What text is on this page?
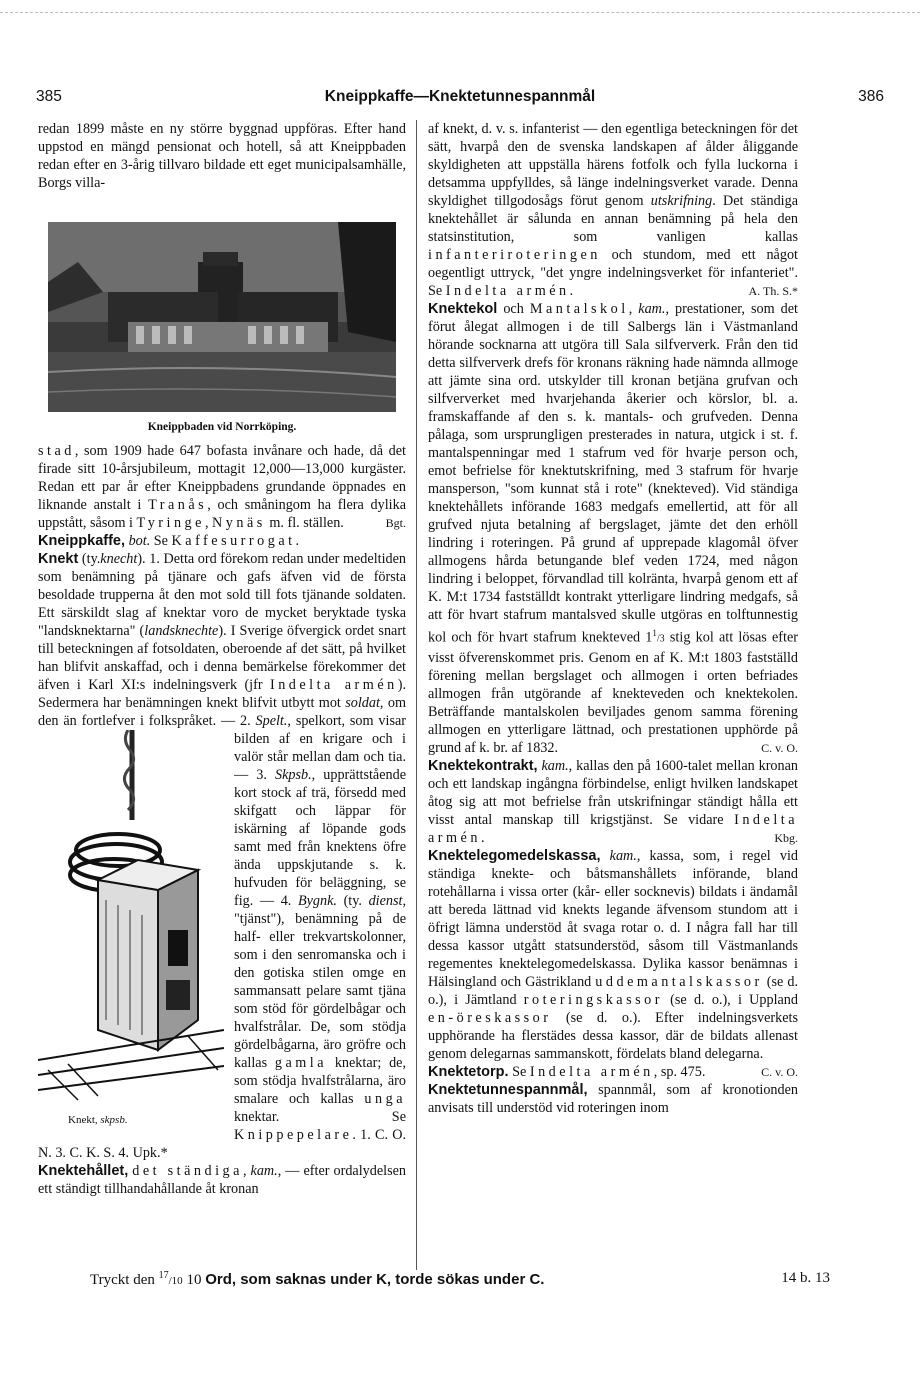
385	Kneippkaffe—Knektetunnespannmål	386

redan 1899 måste en ny större byggnad uppföras. Efter hand uppstod en mängd pensionat och hotell, så att Kneippbaden redan efter en 3-årig tillvaro bildade ett eget municipalsamhälle, Borgs villa-

Kneippbaden vid Norrköping.

stad, som 1909 hade 647 bofasta invånare och hade, då det firade sitt 10-årsjubileum, mottagit 12,000—13,000 kurgäster. Redan ett par år efter Kneippbadens grundande öppnades en liknande anstalt i Tranås, och småningom ha flera dylika uppstått, såsom i Tyringe, Nynäs m. fl. ställen.	Bgt.

Kneippkaffe, bot. Se Kaffesurrogat.

Knekt (ty.knecht). 1. Detta ord förekom redan under medeltiden som benämning på tjänare och gafs äfven vid de första besoldade trupperna åt den mot sold till fots tjänande soldaten. Ett särskildt slag af knektar voro de mycket beryktade tyska "landsknektarna" (landsknechte). I Sverige öfvergick ordet snart till beteckningen af fotsoldaten, oberoende af det sätt, på hvilket han blifvit anskaffad, och i denna bemärkelse förekommer det äfven i Karl XI:s indelningsverk (jfr Indelta armén). Sedermera har benämningen knekt blifvit utbytt mot soldat, om den än fortlefver i folkspråket. — 2.
Knekt, skpsb.
Spelt., spelkort, som visar bilden af en krigare och i valör står mellan dam och tia. — 3. Skpsb., upprättstående kort stock af trä, försedd med skifgatt och läppar för iskärning af löpande gods samt med från knektens öfre ända uppskjutande s. k. hufvuden för beläggning, se fig. — 4. Bygnk. (ty. dienst, "tjänst"), benämning på de half- eller trekvartskolonner, som i den senromanska och i den gotiska stilen omge en sammansatt pelare samt tjäna som stöd för gördelbågar och hvalfstrålar. De, som stödja gördelbågarna, äro gröfre och kallas gamla knektar; de, som stödja hvalfstrålarna, äro smalare och kallas unga knektar. Se Knippepelare. 1. C. O. N. 3. C. K. S. 4. Upk.*

Knektehållet, det ständiga, kam., — efter ordalydelsen ett ständigt tillhandahållande åt kronan

af knekt, d. v. s. infanterist — den egentliga beteckningen för det sätt, hvarpå den de svenska landskapen af ålder åliggande skyldigheten att uppställa härens fotfolk och fylla luckorna i detsamma uppfylldes, så länge indelningsverket varade. Denna skyldighet tillgodosågs förut genom utskrifning. Det ständiga knektehållet är sålunda en annan benämning på hela den statsinstitution, som vanligen kallas infanteriroteringen och stundom, med ett något oegentligt uttryck, "det yngre indelningsverket för infanteriet". Se Indelta armén.	A. Th. S.*

Knektekol och Mantalskol, kam., prestationer, som det förut ålegat allmogen i de till Salbergs län i Västmanland hörande socknarna att utgöra till Sala silfververk. Från den tid detta silfververk drefs för kronans räkning hade nämnda allmoge att jämte sina ord. utskylder till kronan betjäna grufvan och silfververket med hvarjehanda åkerier och körslor, bl. a. framskaffande af den s. k. mantals- och grufveden. Denna pålaga, som ursprungligen presterades in natura, utgick i st. f. mantalspenningar med 1 stafrum ved för hvarje person och, emot befrielse för knektutskrifning, med 3 stafrum för hvarje mansperson, "som kunnat stå i rote" (knekteved). Vid ständiga knektehållets införande 1683 medgafs emellertid, att för all grufved njuta betalning af bergslaget, jämte det den erhöll lindring i roteringen. På grund af upprepade klagomål öfver allmogens hårda betungande blef veden 1724, med någon lindring i beloppet, förvandlad till kolränta, hvarpå genom ett af K. M:t 1734 fastställdt kontrakt ytterligare lindring medgafs, så att för hvart stafrum mantalsved skulle utgöras en tolftunnestig kol och för hvart stafrum knekteved $1^1/3$ stig kol att lösas efter visst öfverenskommet pris. Genom en af K. M:t 1803 fastställd förening mellan bergslaget och allmogen i orten befriades allmogen från utgörande af knekteveden och knektekolen. Beträffande mantalskolen beviljades genom samma förening allmogen en ytterligare lättnad, och prestationen upphörde på grund af k. br. af 1832.	C. v. O.

Knektekontrakt, kam., kallas den på 1600-talet mellan kronan och ett landskap ingångna förbindelse, enligt hvilken landskapet åtog sig att mot befrielse från utskrifningar ständigt hålla ett visst antal manskap till krigstjänst. Se vidare Indelta armén.	Kbg.

Knektelegomedelskassa, kam., kassa, som, i regel vid ständiga knekte- och båtsmanshållets införande, bland rotehållarna i vissa orter (kår- eller socknevis) bildats i ändamål att bereda lättnad vid knekts legande äfvensom stundom att i öfrigt lämna understöd åt svaga rotar o. d. I några fall har till dessa kassor utgått statsunderstöd, såsom till Västmanlands regementes knektelegomedelskassa. Dylika kassor benämnas i Hälsingland och Gästrikland uddemantalskassor (se d. o.), i Jämtland roteringskassor (se d. o.), i Uppland en-öreskassor (se d. o.). Efter indelningsverkets upphörande ha flerstädes dessa kassor, där de bildats allenast genom delegarnas sammanskott, fördelats bland delegarna.
C. v. O.

Knektetorp. Se Indelta armén, sp. 475.

Knektetunnespannmål, spannmål, som af kronotionden anvisats till understöd vid roteringen inom

Tryckt den $^{17}$/10 10 Ord, som saknas under K, torde sökas under C.	14 b. 13
